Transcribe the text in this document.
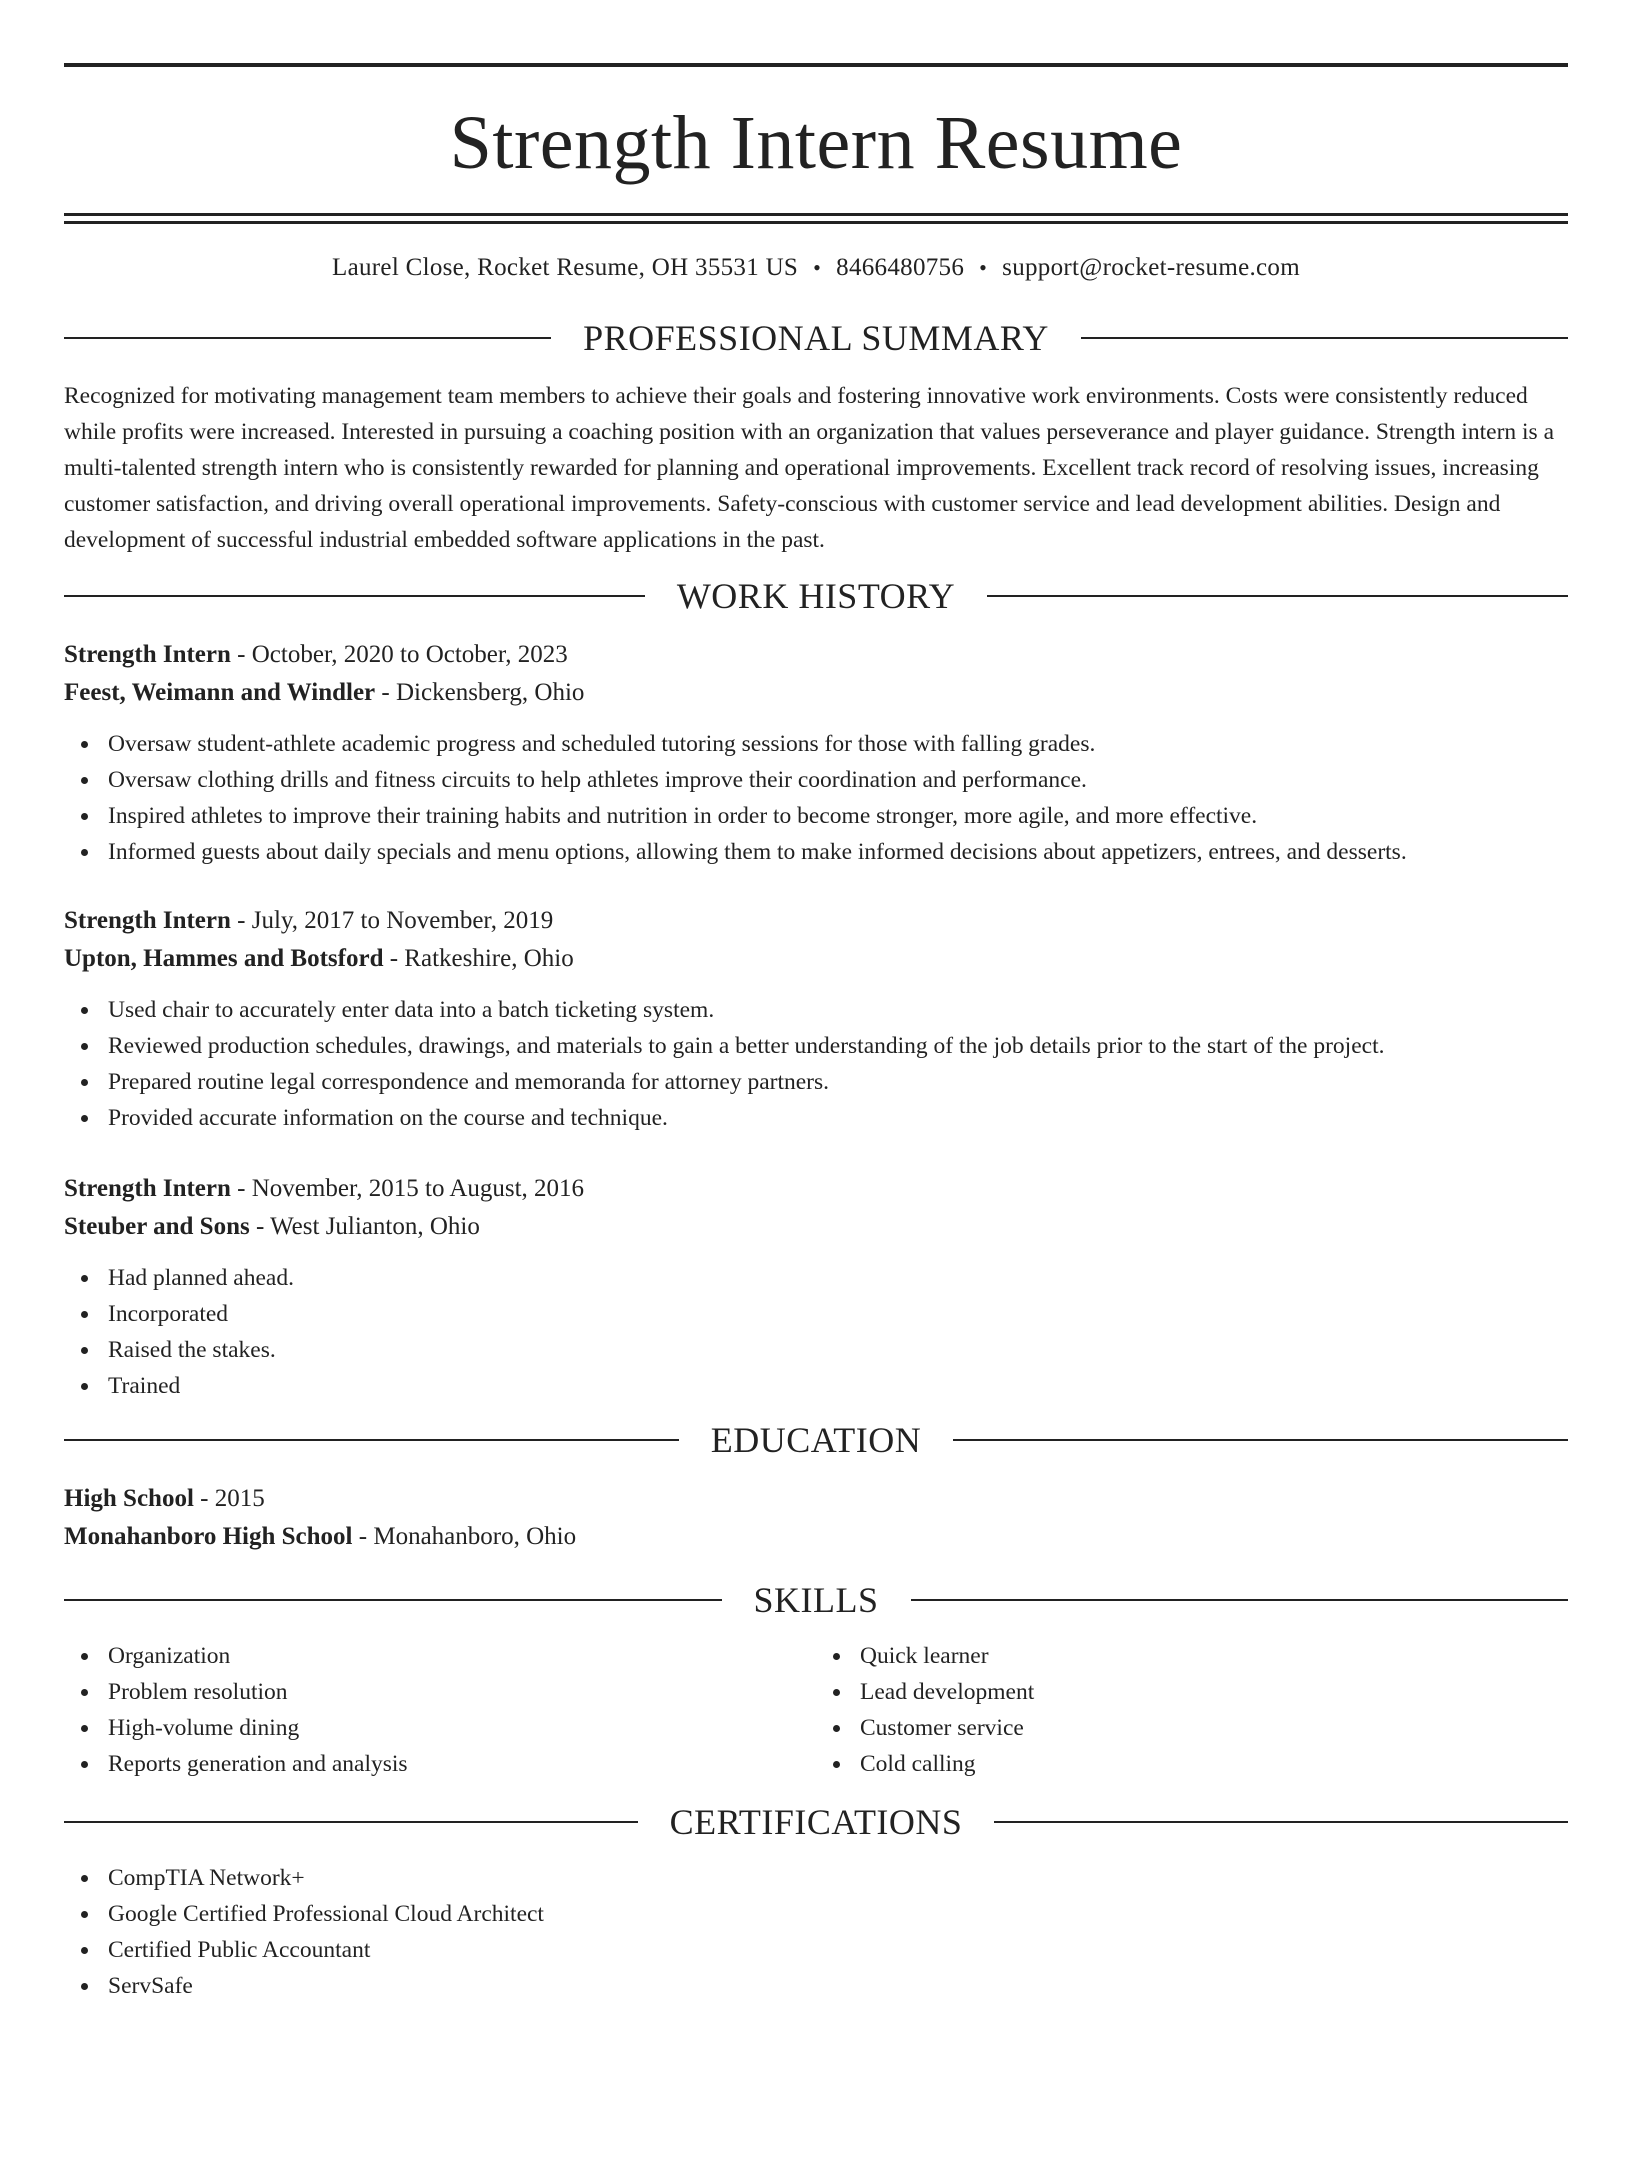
Strength Intern Resume
Laurel Close, Rocket Resume, OH 35531 US • 8466480756 • support@rocket-resume.com
PROFESSIONAL SUMMARY

Recognized for motivating management team members to achieve their goals and fostering innovative work environments. Costs were consistently reduced while profits were increased. Interested in pursuing a coaching position with an organization that values perseverance and player guidance. Strength intern is a multi-talented strength intern who is consistently rewarded for planning and operational improvements. Excellent track record of resolving issues, increasing customer satisfaction, and driving overall operational improvements. Safety-conscious with customer service and lead development abilities. Design and development of successful industrial embedded software applications in the past.

WORK HISTORY

Strength Intern - October, 2020 to October, 2023

Feest, Weimann and Windler - Dickensberg, Ohio

Oversaw student-athlete academic progress and scheduled tutoring sessions for those with falling grades.
Oversaw clothing drills and fitness circuits to help athletes improve their coordination and performance.
Inspired athletes to improve their training habits and nutrition in order to become stronger, more agile, and more effective.
Informed guests about daily specials and menu options, allowing them to make informed decisions about appetizers, entrees, and desserts.

Strength Intern - July, 2017 to November, 2019

Upton, Hammes and Botsford - Ratkeshire, Ohio

Used chair to accurately enter data into a batch ticketing system.
Reviewed production schedules, drawings, and materials to gain a better understanding of the job details prior to the start of the project.
Prepared routine legal correspondence and memoranda for attorney partners.
Provided accurate information on the course and technique.

Strength Intern - November, 2015 to August, 2016

Steuber and Sons - West Julianton, Ohio

Had planned ahead.
Incorporated
Raised the stakes.
Trained
EDUCATION

High School - 2015

Monahanboro High School - Monahanboro, Ohio

SKILLS
Organization
Problem resolution
High-volume dining
Reports generation and analysis
Quick learner
Lead development
Customer service
Cold calling
CERTIFICATIONS
CompTIA Network+
Google Certified Professional Cloud Architect
Certified Public Accountant
ServSafe
